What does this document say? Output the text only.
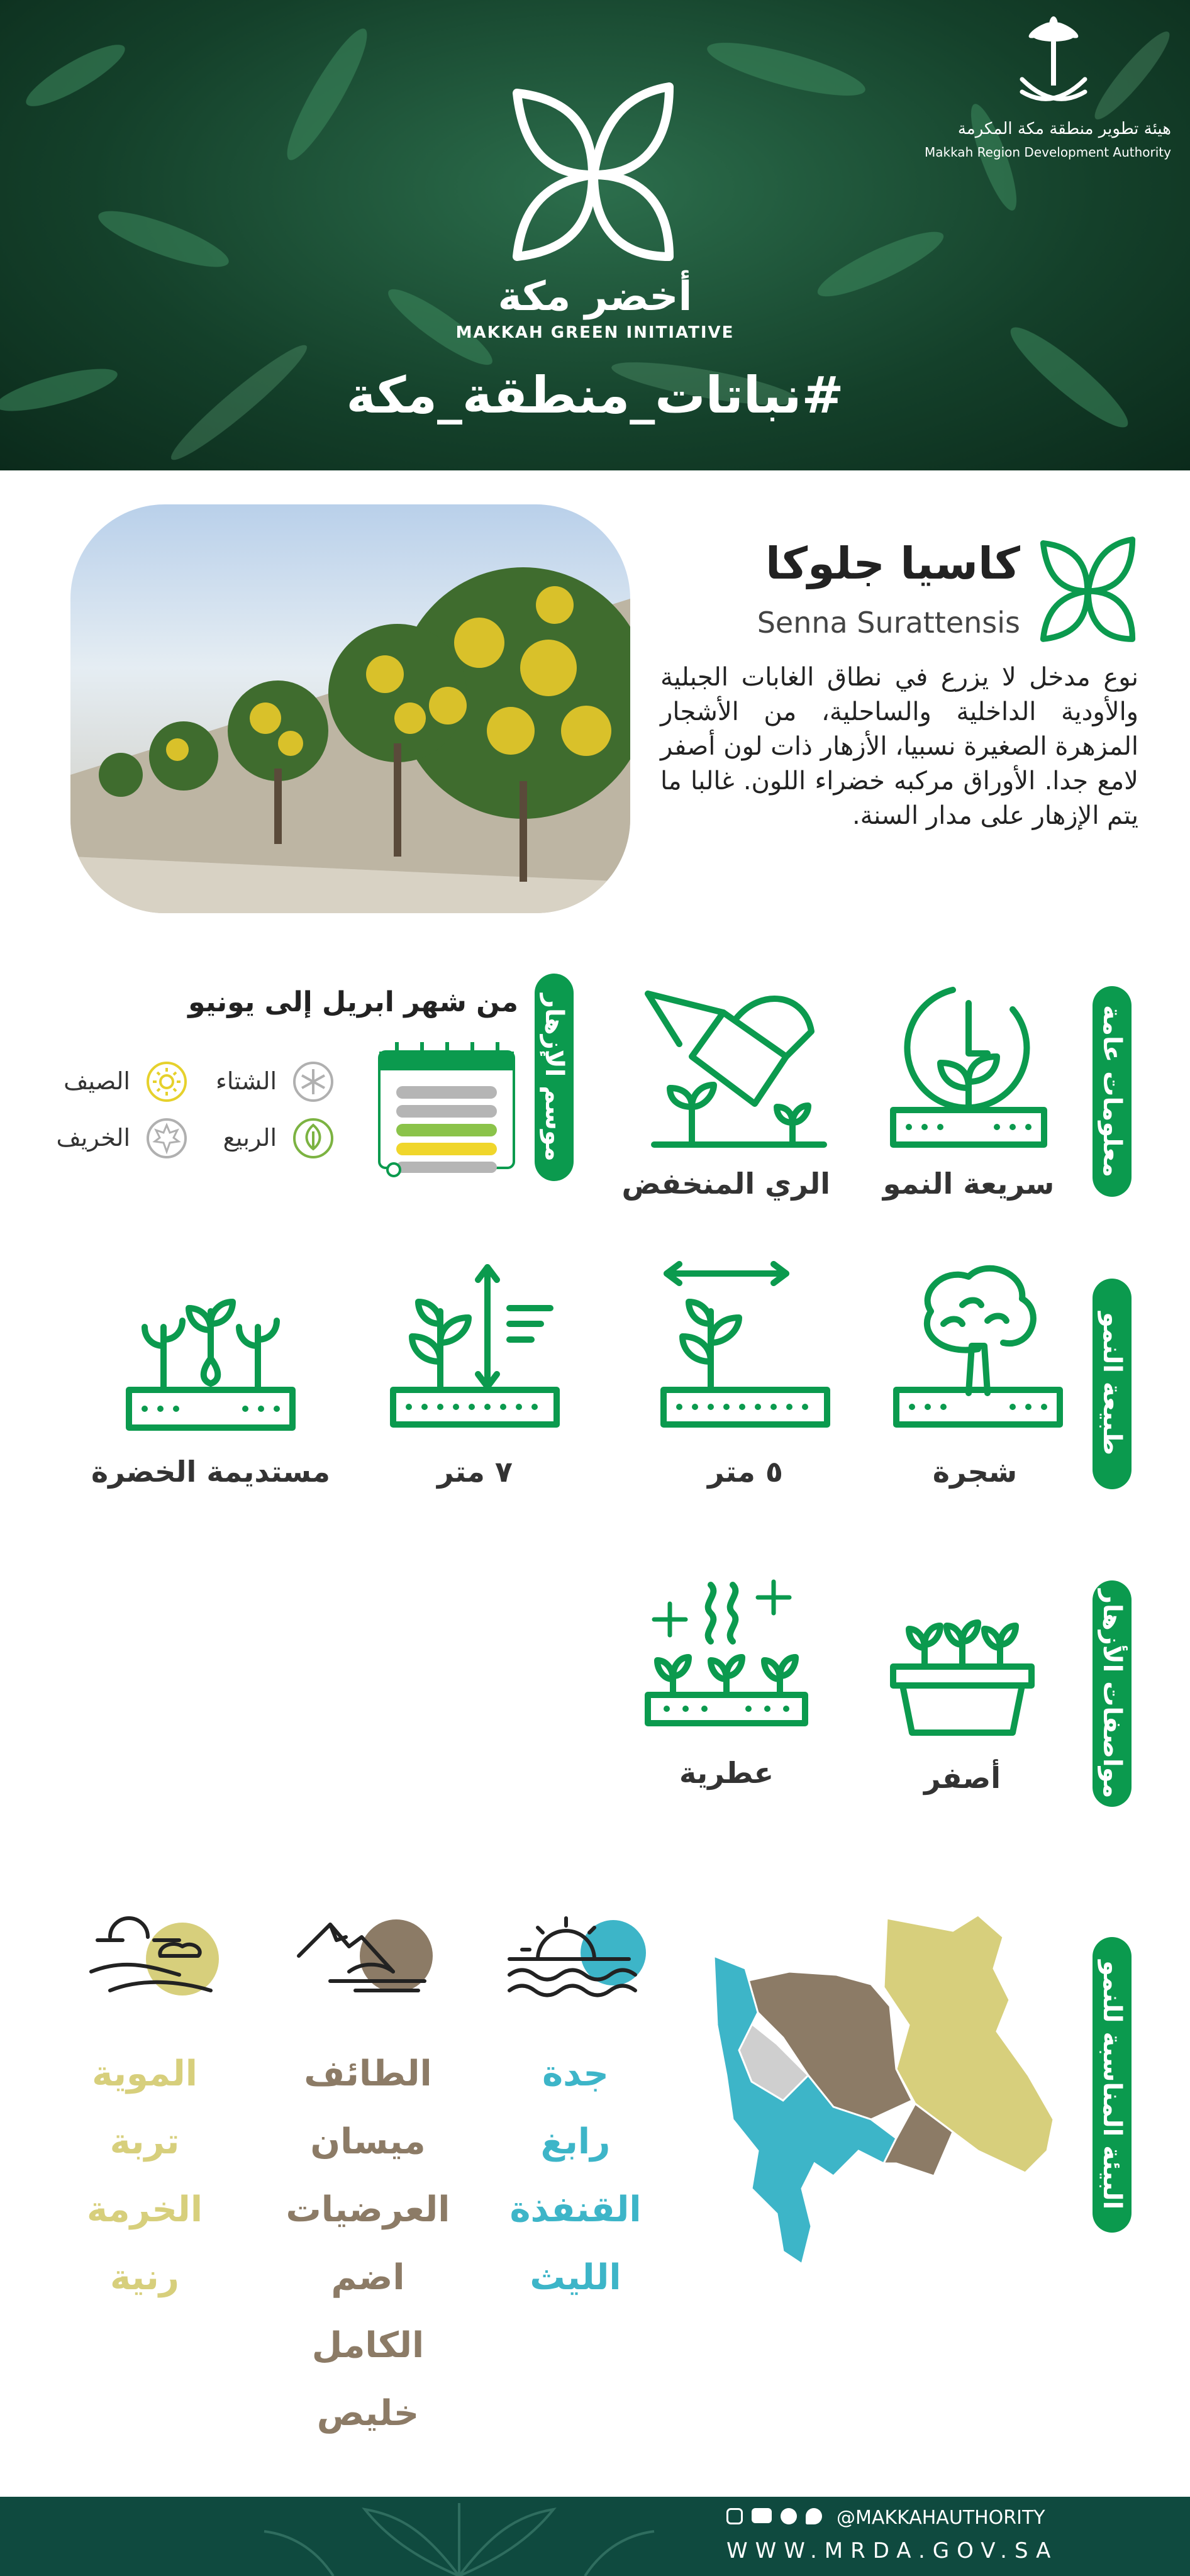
هيئة تطوير منطقة مكة المكرمة
Makkah Region Development Authority
أخضر مكة
MAKKAH GREEN INITIATIVE
#نباتات_منطقة_مكة
كاسيا جلوكا
Senna Surattensis
نوع مدخل لا يزرع في نطاق الغابات الجبلية والأودية الداخلية والساحلية، من الأشجار المزهرة الصغيرة نسبيا، الأزهار ذات لون أصفر لامع جدا. الأوراق مركبه خضراء اللون. غالبا ما يتم الإزهار على مدار السنة.
معلومات عامة
موسم الإزهار
طبيعة النمو
مواصفات الأزهار
البيئة المناسبة للنمو
سريعة النمو
الري المنخفض
من شهر ابريل إلى يونيو
الشتاء
الصيف
الربيع
الخريف
شجرة
٥ متر
٧ متر
مستديمة الخضرة
أصفر
عطرية
جدة
رابغ
القنفذة
الليث
الطائف
ميسان
العرضيات
اضم
الكامل
خليص
الموية
تربة
الخرمة
رنية
@MAKKAHAUTHORITY
WWW.MRDA.GOV.SA
